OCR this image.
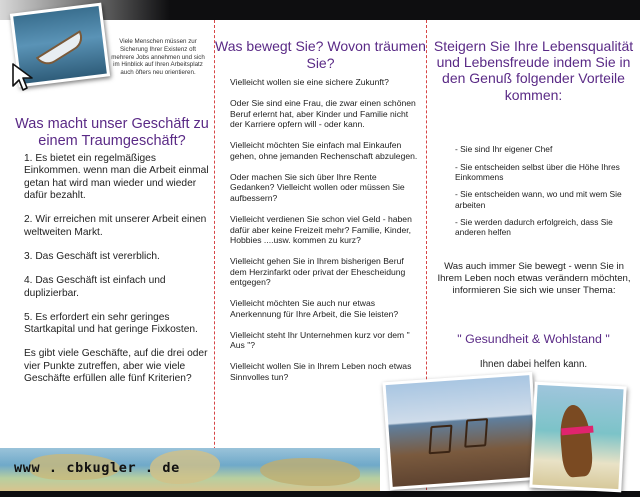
Viele Menschen müssen zur Sicherung Ihrer Existenz oft mehrere Jobs annehmen und sich im Hinblick auf Ihren Arbeitsplatz auch öfters neu orientieren.
Was macht unser Geschäft zu einem Traumgeschäft?

1. Es bietet ein regelmäßiges Einkommen. wenn man die Arbeit einmal getan hat wird man wieder und wieder dafür bezahlt.

2. Wir erreichen mit unserer Arbeit einen weltweiten Markt.

3. Das Geschäft ist vererblich.

4. Das Geschäft ist einfach und duplizierbar.

5. Es erfordert ein sehr geringes Startkapital und hat geringe Fixkosten.

Es gibt viele Geschäfte, auf die drei oder vier Punkte zutreffen, aber wie viele Geschäfte erfüllen alle fünf Kriterien?

www . cbkugler . de
Was bewegt Sie? Wovon träumen Sie?

Vielleicht wollen sie eine sichere Zukunft?

Oder Sie sind eine Frau, die zwar einen schönen Beruf erlernt hat, aber Kinder und Familie nicht der Karriere opfern will - oder kann.

Vielleicht möchten Sie einfach mal Einkaufen gehen, ohne jemanden Rechenschaft abzulegen.

Oder machen Sie sich über Ihre Rente Gedanken? Vielleicht wollen oder müssen Sie aufbessern?

Vielleicht verdienen Sie schon viel Geld - haben dafür aber keine Freizeit mehr? Familie, Kinder, Hobbies ....usw. kommen zu kurz?

Vielleicht gehen Sie in Ihrem bisherigen Beruf dem Herzinfarkt oder privat der Ehescheidung entgegen?

Vielleicht möchten Sie auch nur etwas Anerkennung für Ihre Arbeit, die Sie leisten?

Vielleicht steht Ihr Unternehmen kurz vor dem " Aus "?

Vielleicht wollen Sie in Ihrem Leben noch etwas Sinnvolles tun?

Steigern Sie Ihre Lebensqualität und Lebensfreude indem Sie in den Genuß folgender Vorteile kommen:
- Sie sind Ihr eigener Chef
- Sie entscheiden selbst über die Höhe Ihres Einkommens
- Sie entscheiden wann, wo und mit wem Sie arbeiten
- Sie werden dadurch erfolgreich, dass Sie anderen helfen
Was auch immer Sie bewegt - wenn Sie in Ihrem Leben noch etwas verändern möchten, informieren Sie sich wie unser Thema:
" Gesundheit & Wohlstand "
Ihnen dabei helfen kann.
